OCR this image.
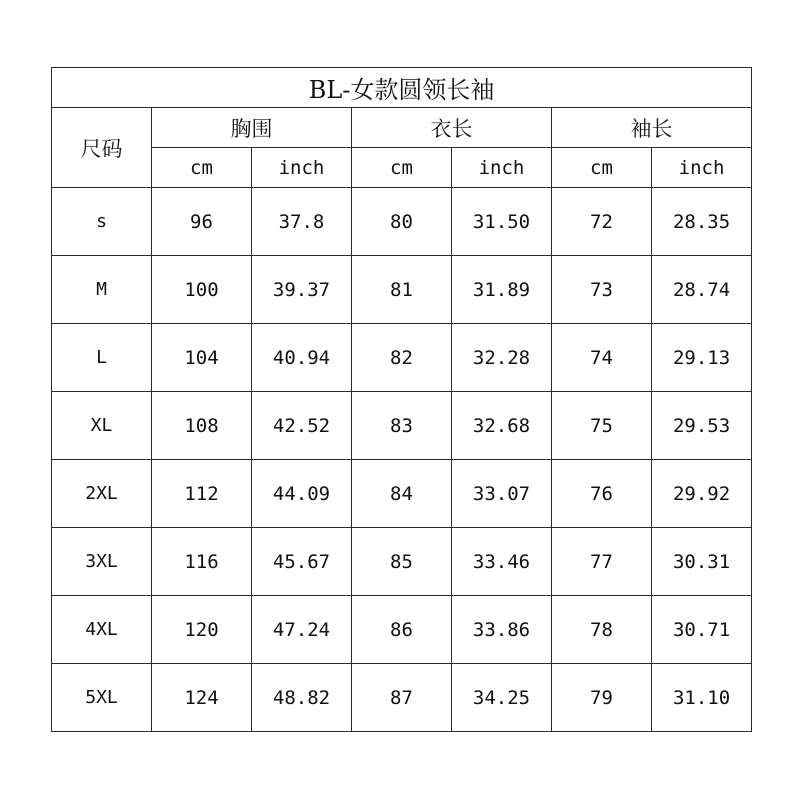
BL-女款圆领长袖						
尺码	胸围		衣长		袖长	
	cm	inch	cm	inch	cm	inch
s	96	37.8	80	31.50	72	28.35
M	100	39.37	81	31.89	73	28.74
L	104	40.94	82	32.28	74	29.13
XL	108	42.52	83	32.68	75	29.53
2XL	112	44.09	84	33.07	76	29.92
3XL	116	45.67	85	33.46	77	30.31
4XL	120	47.24	86	33.86	78	30.71
5XL	124	48.82	87	34.25	79	31.10
